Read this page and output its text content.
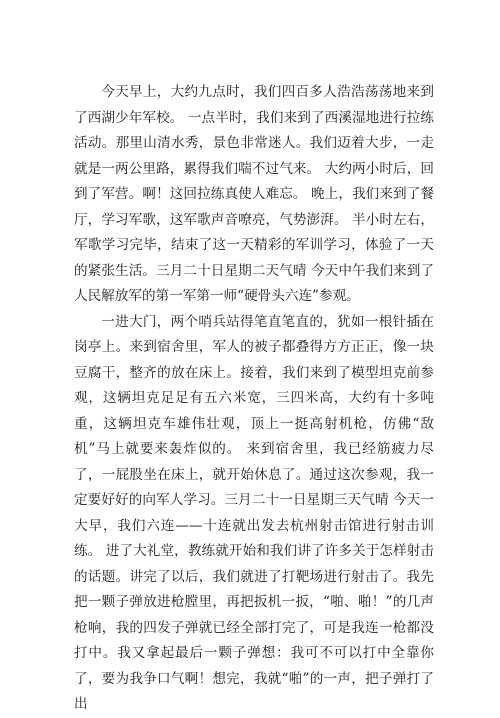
今天早上，大约九点时，我们四百多人浩浩荡荡地来到了西湖少年军校。 一点半时，我们来到了西溪湿地进行拉练活动。那里山清水秀，景色非常迷人。我们迈着大步，一走就是一两公里路，累得我们喘不过气来。 大约两小时后，回到了军营。啊！这回拉练真使人难忘。 晚上，我们来到了餐厅，学习军歌，这军歌声音嘹亮，气势澎湃。 半小时左右，军歌学习完毕，结束了这一天精彩的军训学习，体验了一天的紧张生活。三月二十日星期二天气晴 今天中午我们来到了人民解放军的第一军第一师“硬骨头六连”参观。

一进大门，两个哨兵站得笔直笔直的，犹如一根针插在岗亭上。来到宿舍里，军人的被子都叠得方方正正，像一块豆腐干，整齐的放在床上。接着，我们来到了模型坦克前参观，这辆坦克足足有五六米宽，三四米高，大约有十多吨重，这辆坦克车雄伟壮观，顶上一挺高射机枪，仿佛“敌机”马上就要来轰炸似的。 来到宿舍里，我已经筋疲力尽了，一屁股坐在床上，就开始休息了。通过这次参观，我一定要好好的向军人学习。三月二十一日星期三天气晴 今天一大早，我们六连——十连就出发去杭州射击馆进行射击训练。 进了大礼堂，教练就开始和我们讲了许多关于怎样射击的话题。讲完了以后，我们就进了打靶场进行射击了。我先把一颗子弹放进枪膛里，再把扳机一扳，“啪、啪！”的几声枪响，我的四发子弹就已经全部打完了，可是我连一枪都没打中。我又拿起最后一颗子弹想：我可不可以打中全靠你了，要为我争口气啊！想完，我就“啪”的一声，把子弹打了出
